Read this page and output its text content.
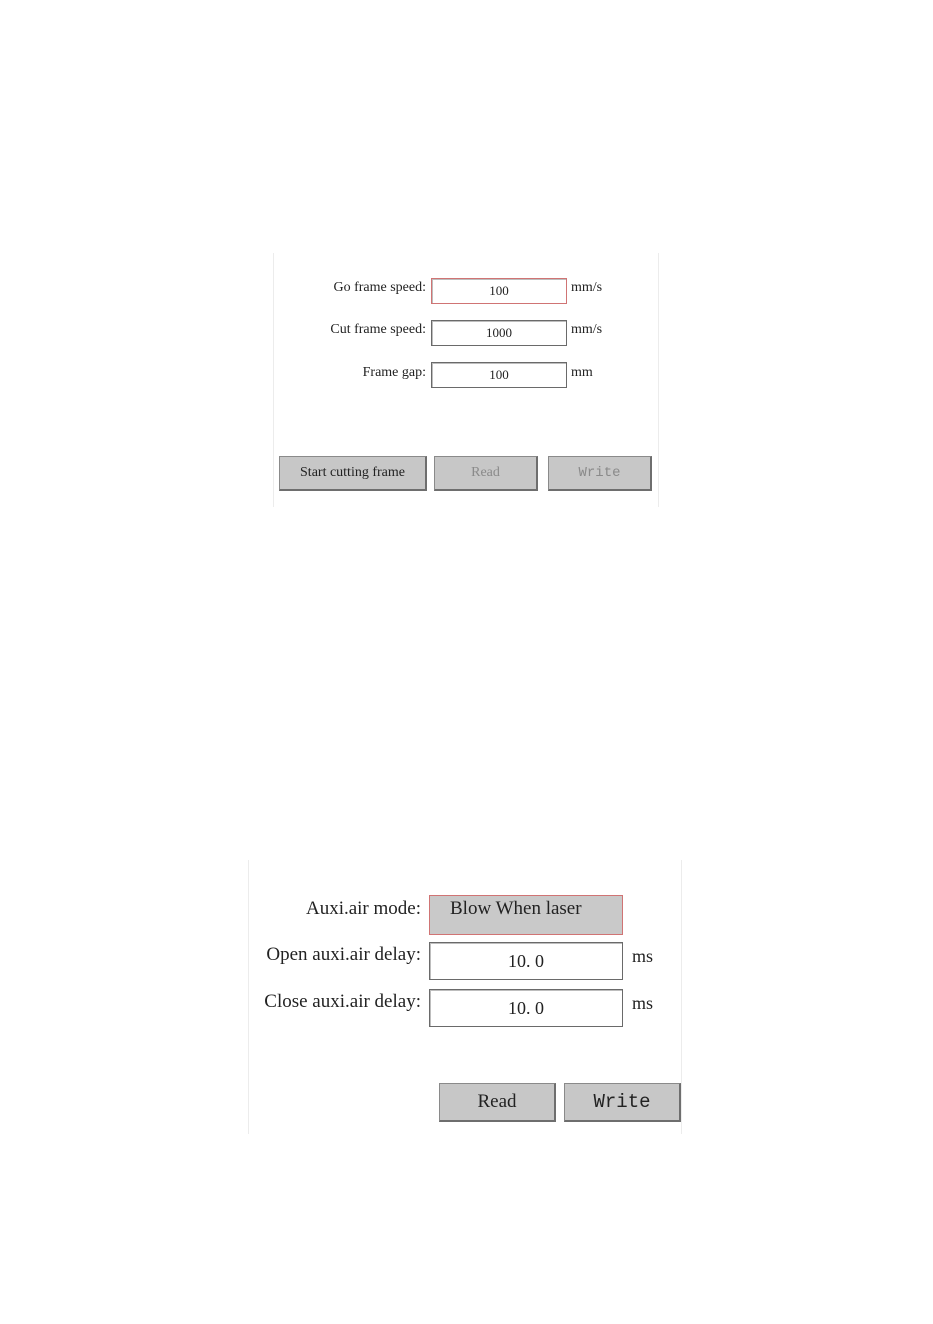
Go frame speed:	100	mm/s
Cut frame speed:	1000	mm/s
Frame gap:	100	mm
Start cutting frame	Read	Write
Auxi.air mode:	Blow When laser
Open auxi.air delay:	10. 0	ms
Close auxi.air delay:	10. 0	ms
Read	Write
